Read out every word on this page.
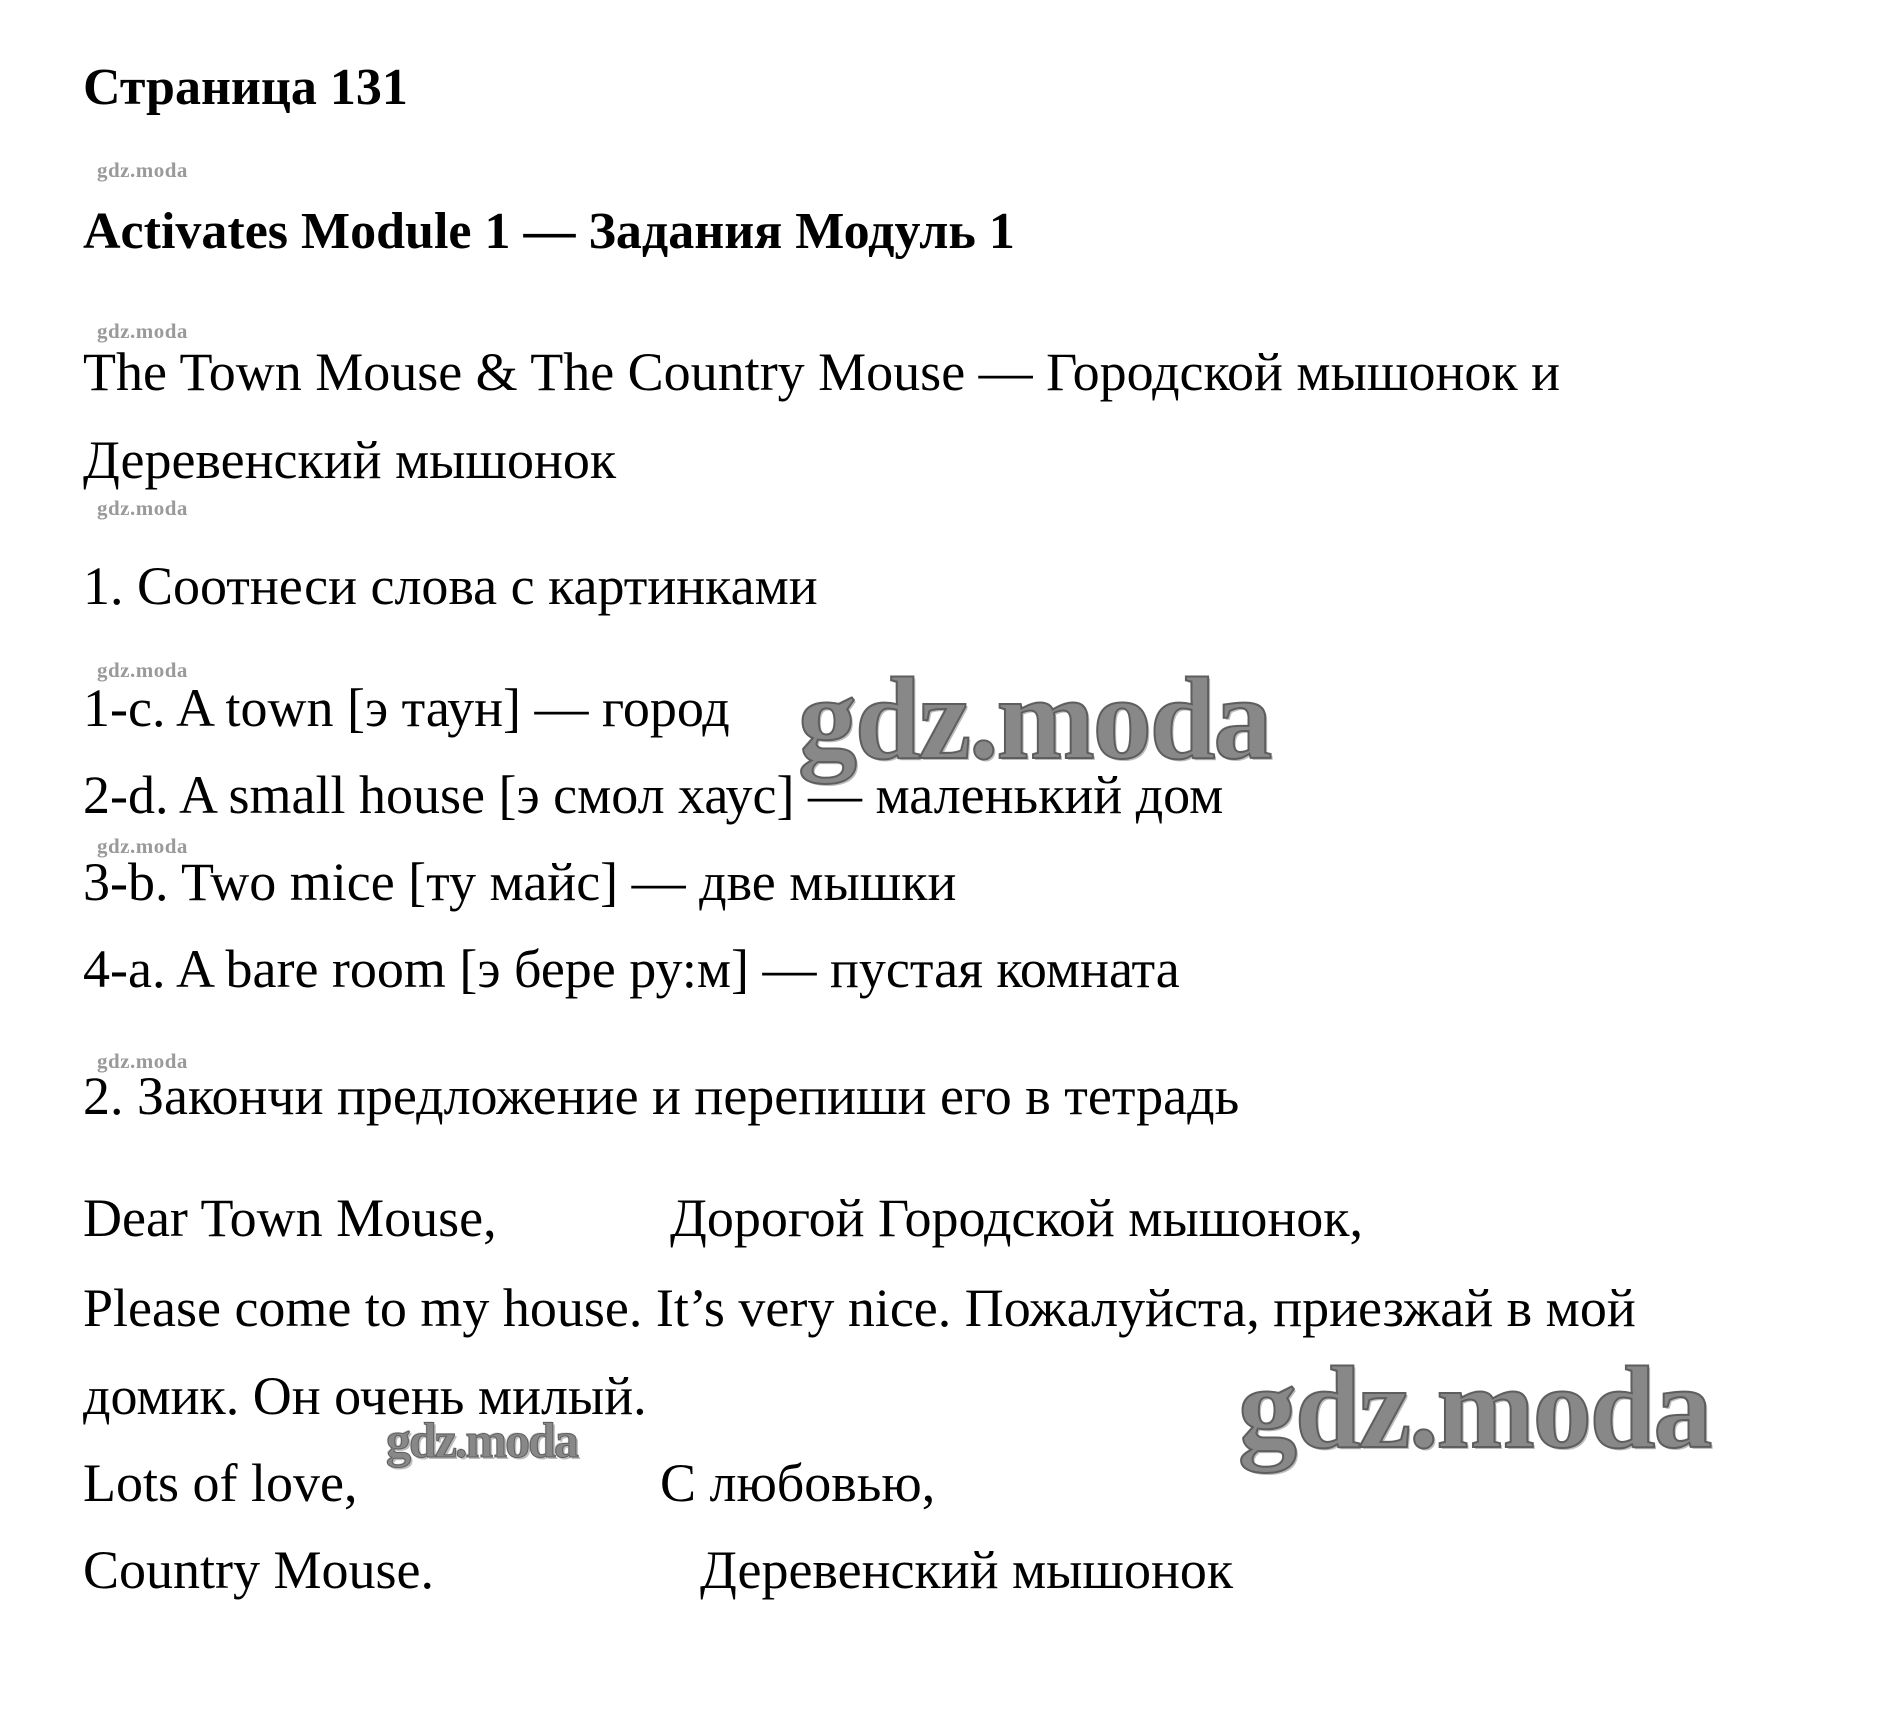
gdz.moda
gdz.moda
gdz.moda
gdz.moda
gdz.moda
gdz.moda
Страница 131
Activates Module 1 — Задания Модуль 1
The Town Mouse & The Country Mouse — Городской мышонок и
Деревенский мышонок
1. Соотнеси слова с картинками
1-c. A town [э таун] — город
2-d. A small house [э смол хаус] — маленький дом
3-b. Two mice [ту майс] — две мышки
4-a. A bare room [э бере ру:м] — пустая комната
2. Закончи предложение и перепиши его в тетрадь
Dear Town Mouse,	Дорогой Городской мышонок,
Please come to my house. It’s very nice. Пожалуйста, приезжай в мой
домик. Он очень милый.
Lots of love,	С любовью,
Country Mouse.	Деревенский мышонок
gdz.moda
gdz.moda
gdz.moda
